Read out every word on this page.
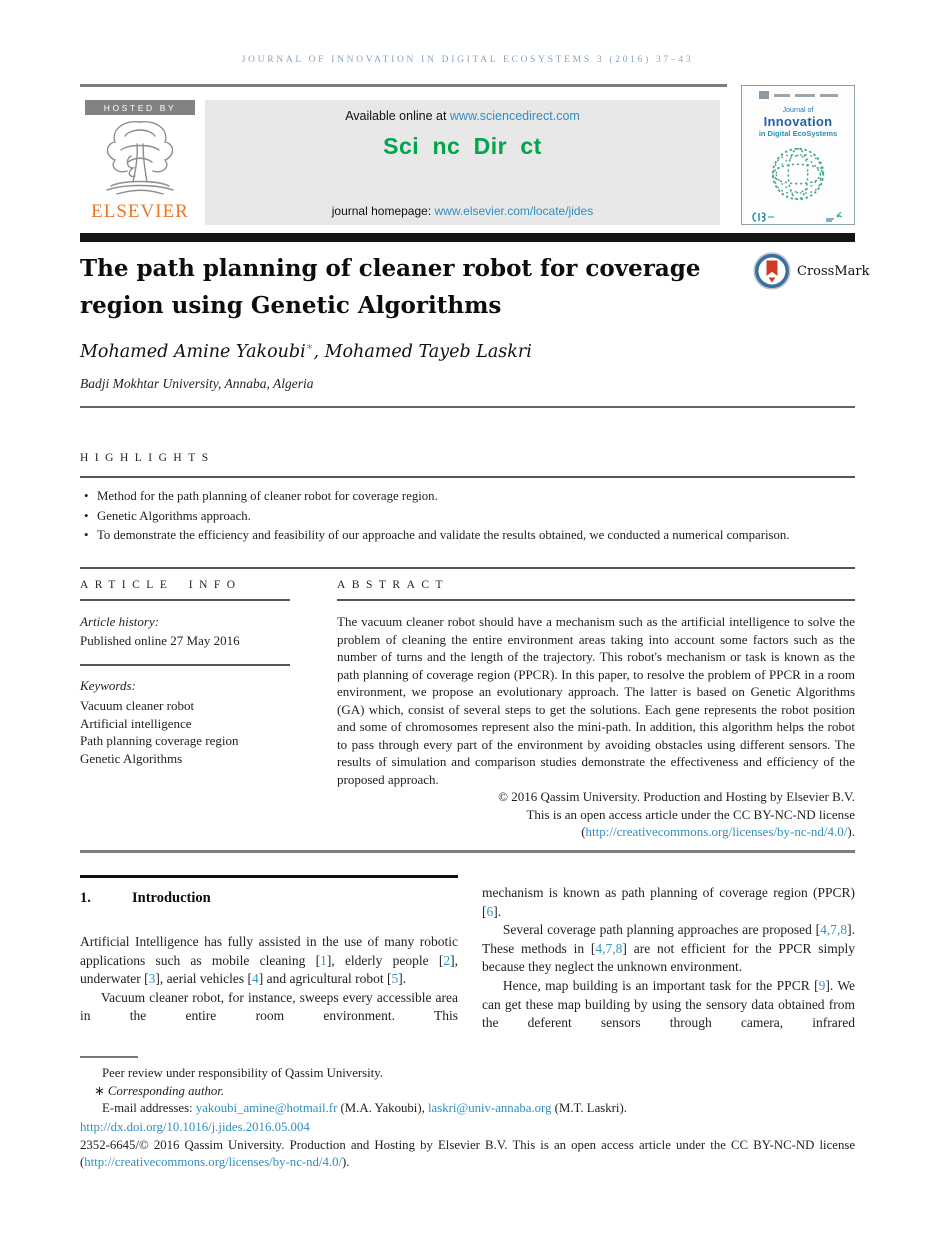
JOURNAL OF INNOVATION IN DIGITAL ECOSYSTEMS 3 (2016) 37–43
HOSTED BY
ELSEVIER
Available online at www.sciencedirect.com
Sci nc Dir ct
journal homepage: www.elsevier.com/locate/jides
Journal of
Innovation
in Digital EcoSystems
The path planning of cleaner robot for coverage region using Genetic Algorithms
CrossMark
Mohamed Amine Yakoubi∗, Mohamed Tayeb Laskri
Badji Mokhtar University, Annaba, Algeria
HIGHLIGHTS
• Method for the path planning of cleaner robot for coverage region.
• Genetic Algorithms approach.
• To demonstrate the efficiency and feasibility of our approache and validate the results obtained, we conducted a numerical comparison.
ARTICLE INFO
Article history:
Published online 27 May 2016
Keywords:
Vacuum cleaner robot
Artificial intelligence
Path planning coverage region
Genetic Algorithms
ABSTRACT

The vacuum cleaner robot should have a mechanism such as the artificial intelligence to solve the problem of cleaning the entire environment areas taking into account some factors such as the number of turns and the length of the trajectory. This robot's mechanism or task is known as the path planning of coverage region (PPCR). In this paper, to resolve the problem of PPCR in a room environment, we propose an evolutionary approach. The latter is based on Genetic Algorithms (GA) which, consist of several steps to get the solutions. Each gene represents the robot position and some of chromosomes represent also the mini-path. In addition, this algorithm helps the robot to pass through every part of the environment by avoiding obstacles using different sensors. The results of simulation and comparison studies demonstrate the effectiveness and efficiency of the proposed approach.

© 2016 Qassim University. Production and Hosting by Elsevier B.V.
This is an open access article under the CC BY-NC-ND license
(http://creativecommons.org/licenses/by-nc-nd/4.0/).
1.	Introduction

Artificial Intelligence has fully assisted in the use of many robotic applications such as mobile cleaning [1], elderly people [2], underwater [3], aerial vehicles [4] and agricultural robot [5].

Vacuum cleaner robot, for instance, sweeps every accessible area in the entire room environment. This

mechanism is known as path planning of coverage region (PPCR) [6].

Several coverage path planning approaches are proposed [4,7,8]. These methods in [4,7,8] are not efficient for the PPCR simply because they neglect the unknown environment.

Hence, map building is an important task for the PPCR [9]. We can get these map building by using the sensory data obtained from the deferent sensors through camera, infrared

Peer review under responsibility of Qassim University.
∗ Corresponding author.
E-mail addresses: yakoubi_amine@hotmail.fr (M.A. Yakoubi), laskri@univ-annaba.org (M.T. Laskri).
http://dx.doi.org/10.1016/j.jides.2016.05.004
2352-6645/© 2016 Qassim University. Production and Hosting by Elsevier B.V. This is an open access article under the CC BY-NC-ND license (http://creativecommons.org/licenses/by-nc-nd/4.0/).
